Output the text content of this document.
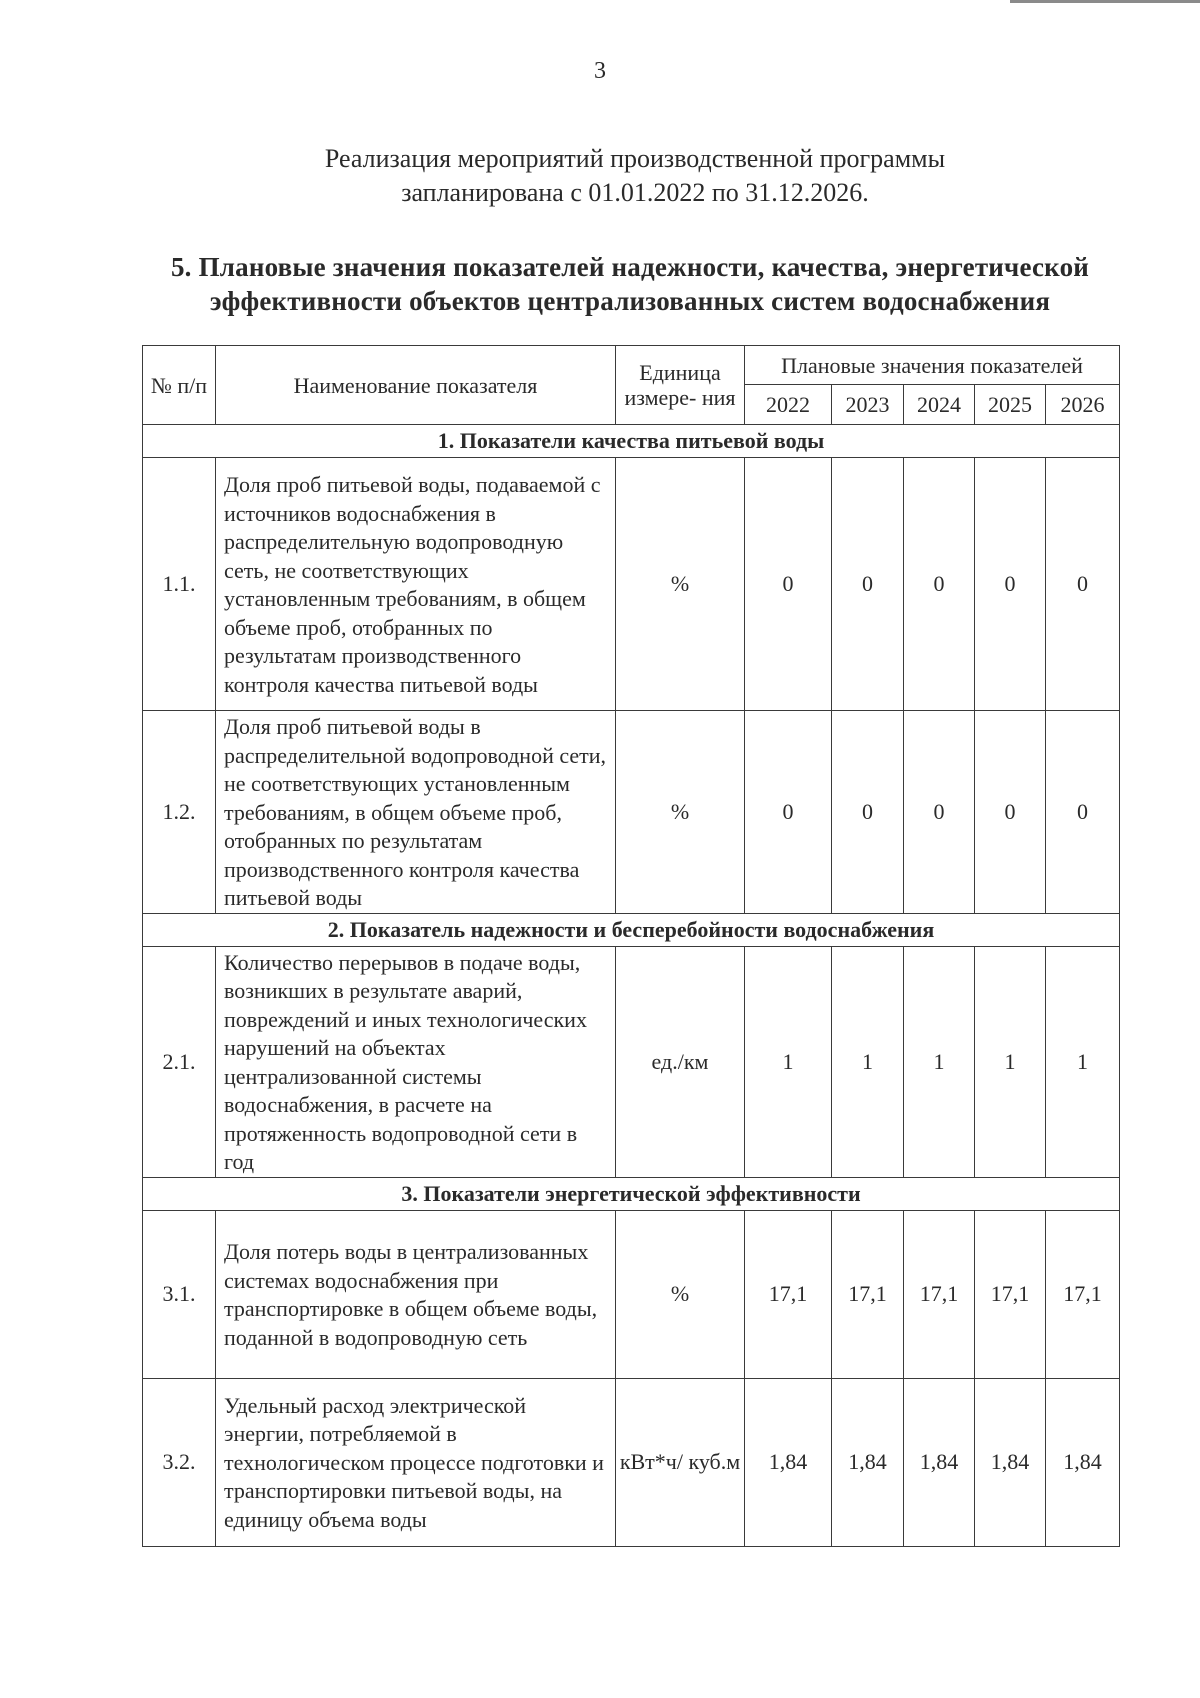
3
Реализация мероприятий производственной программы
запланирована с 01.01.2022 по 31.12.2026.
5. Плановые значения показателей надежности, качества, энергетической
эффективности объектов централизованных систем водоснабжения
№ п/п	Наименование показателя	Единица измере- ния	Плановые значения показателей				
			2022	2023	2024	2025	2026
1. Показатели качества питьевой воды							
1.1.	Доля проб питьевой воды, подаваемой с источников водоснабжения в распределительную водопроводную сеть, не соответствующих установленным требованиям, в общем объеме проб, отобранных по результатам производственного контроля качества питьевой воды	%	0	0	0	0	0
1.2.	Доля проб питьевой воды в распределительной водопроводной сети, не соответствующих установленным требованиям, в общем объеме проб, отобранных по результатам производственного контроля качества питьевой воды	%	0	0	0	0	0
2. Показатель надежности и бесперебойности водоснабжения							
2.1.	Количество перерывов в подаче воды, возникших в результате аварий, повреждений и иных технологических нарушений на объектах централизованной системы водоснабжения, в расчете на протяженность водопроводной сети в год	ед./км	1	1	1	1	1
3. Показатели энергетической эффективности							
3.1.	Доля потерь воды в централизованных системах водоснабжения при транспортировке в общем объеме воды, поданной в водопроводную сеть	%	17,1	17,1	17,1	17,1	17,1
3.2.	Удельный расход электрической энергии, потребляемой в технологическом процессе подготовки и транспортировки питьевой воды, на единицу объема воды	кВт*ч/ куб.м	1,84	1,84	1,84	1,84	1,84
